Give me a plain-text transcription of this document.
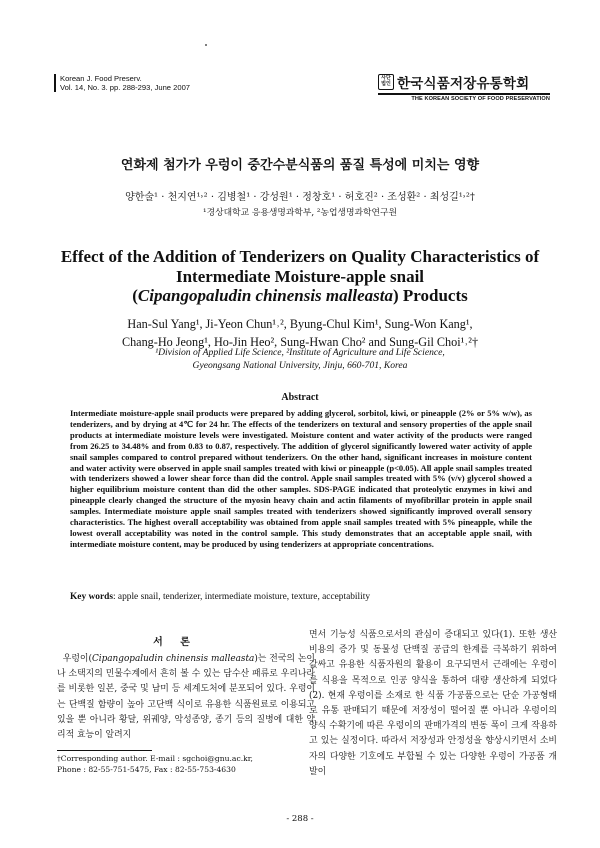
Korean J. Food Preserv.
Vol. 14, No. 3. pp. 288-293, June 2007
사단법인 한국식품저장유통학회
THE KOREAN SOCIETY OF FOOD PRESERVATION
연화제 첨가가 우렁이 중간수분식품의 품질 특성에 미치는 영향
양한술¹ · 천지연¹˒² · 김병철¹ · 강성원¹ · 정창호¹ · 허호진² · 조성환² · 최성길¹˒²†
¹경상대학교 응용생명과학부, ²농업생명과학연구원
Effect of the Addition of Tenderizers on Quality Characteristics of
Intermediate Moisture-apple snail
(Cipangopaludin chinensis malleasta) Products
Han-Sul Yang¹, Ji-Yeon Chun¹˒², Byung-Chul Kim¹, Sung-Won Kang¹,
Chang-Ho Jeong¹, Ho-Jin Heo², Sung-Hwan Cho² and Sung-Gil Choi¹˒²†
¹Division of Applied Life Science, ²Institute of Agriculture and Life Science,
Gyeongsang National University, Jinju, 660-701, Korea
Abstract
Intermediate moisture-apple snail products were prepared by adding glycerol, sorbitol, kiwi, or pineapple (2% or 5% w/w), as tenderizers, and by drying at 4℃ for 24 hr. The effects of the tenderizers on textural and sensory properties of the apple snail products at intermediate moisture levels were investigated. Moisture content and water activity of the products were ranged from 26.25 to 34.48% and from 0.83 to 0.87, respectively. The addition of glycerol significantly lowered water activity of apple snail samples compared to control prepared without tenderizers. On the other hand, significant increases in moisture content and water activity were observed in apple snail samples treated with kiwi or pineapple (p<0.05). All apple snail samples treated with tenderizers showed a lower shear force than did the control. Apple snail samples treated with 5% (v/v) glycerol showed a higher equilibrium moisture content than did the other samples. SDS-PAGE indicated that proteolytic enzymes in kiwi and pineapple clearly changed the structure of the myosin heavy chain and actin filaments of myofibrillar protein in apple snail samples. Intermediate moisture apple snail samples treated with tenderizers showed significantly improved overall sensory characteristics. The highest overall acceptability was obtained from apple snail samples treated with 5% pineapple, while the lowest overall acceptability was noted in the control sample. This study demonstrates that an acceptable apple snail, with intermediate moisture content, may be produced by using tenderizers at appropriate concentrations.
Key words: apple snail, tenderizer, intermediate moisture, texture, acceptability
서 론
우렁이(Cipangopaludin chinensis malleasta)는 전국의 논이나 소택지의 민물수계에서 흔히 볼 수 있는 담수산 패류로 우리나라를 비롯한 일본, 중국 및 남미 등 세계도처에 분포되어 있다. 우렁이는 단백질 함량이 높아 고단백 식이로 유용한 식품원료로 이용되고 있을 뿐 아니라 황달, 위궤양, 악성종양, 종기 등의 질병에 대한 약리적 효능이 알려지
면서 기능성 식품으로서의 관심이 증대되고 있다(1). 또한 생산 비용의 증가 및 동물성 단백질 공급의 한계를 극복하기 위하여 값싸고 유용한 식품자원의 활용이 요구되면서 근래에는 우렁이를 식용을 목적으로 인공 양식을 통하여 대량 생산하게 되었다(2). 현재 우렁이를 소재로 한 식품 가공품으로는 단순 가공형태로 유통 판매되기 때문에 저장성이 떨어질 뿐 아니라 우렁이의 양식 수확기에 따른 우렁이의 판매가격의 변동 폭이 크게 작용하고 있는 실정이다. 따라서 저장성과 안정성을 향상시키면서 소비자의 다양한 기호에도 부합될 수 있는 다양한 우렁이 가공품 개발이
†Corresponding author. E-mail : sgchoi@gnu.ac.kr,
Phone : 82-55-751-5475, Fax : 82-55-753-4630
- 288 -
